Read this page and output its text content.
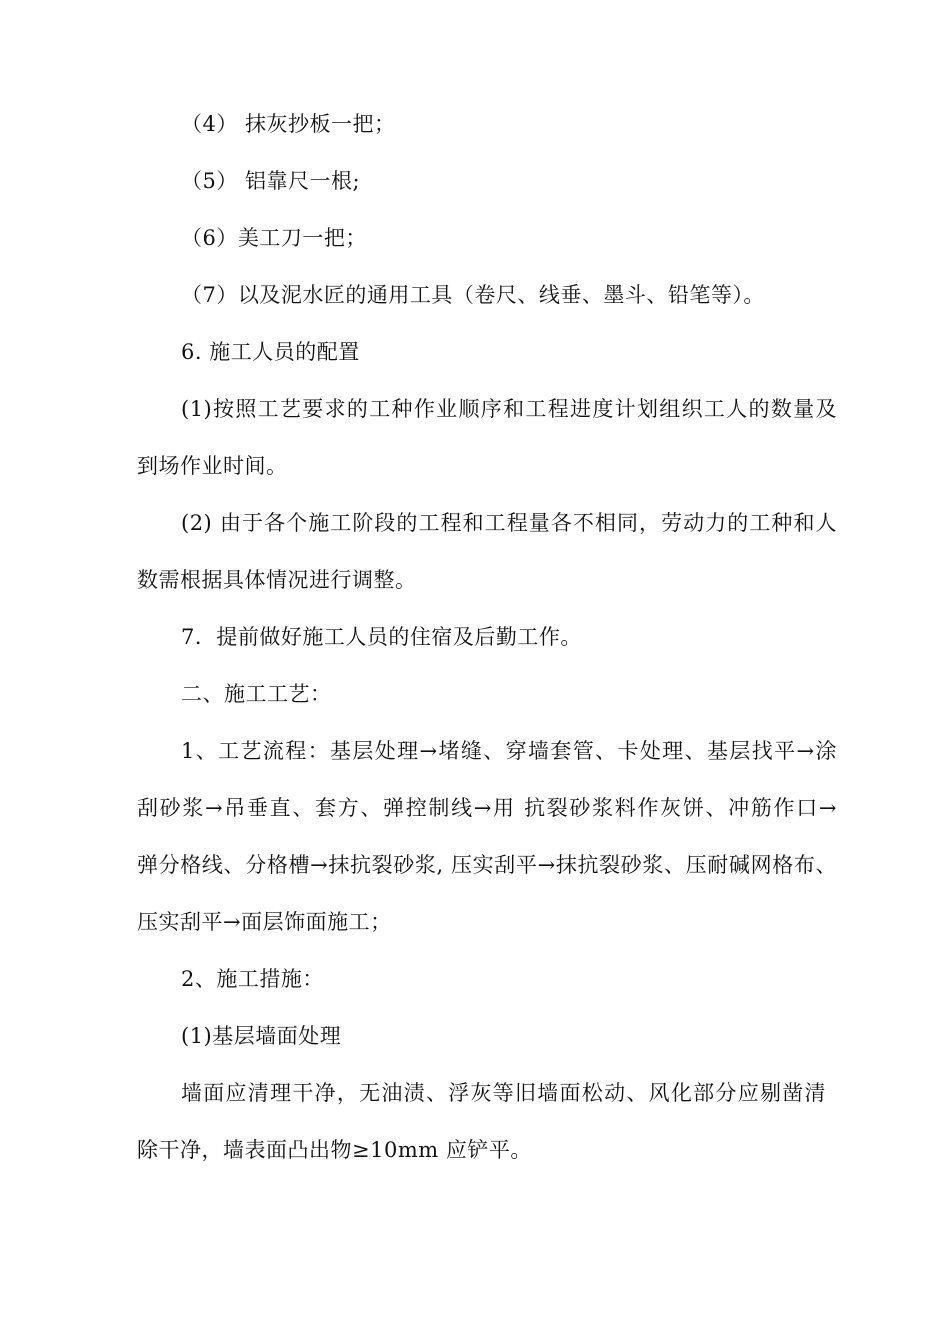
（4） 抹灰抄板一把；
（5） 铝靠尺一根;
（6）美工刀一把；
（7）以及泥水匠的通用工具（卷尺、线垂、墨斗、铅笔等）。
6. 施工人员的配置
(1)按照工艺要求的工种作业顺序和工程进度计划组织工人的数量及
到场作业时间。
(2) 由于各个施工阶段的工程和工程量各不相同，劳动力的工种和人
数需根据具体情况进行调整。
7．提前做好施工人员的住宿及后勤工作。
二、施工工艺：
1、工艺流程：基层处理→堵缝、穿墙套管、卡处理、基层找平→涂
刮砂浆→吊垂直、套方、弹控制线→用 抗裂砂浆料作灰饼、冲筋作口→
弹分格线、分格槽→抹抗裂砂浆, 压实刮平→抹抗裂砂浆、压耐碱网格布、
压实刮平→面层饰面施工；
2、施工措施：
(1)基层墙面处理
墙面应清理干净，无油渍、浮灰等旧墙面松动、风化部分应剔凿清
除干净，墙表面凸出物≥10mm 应铲平。
